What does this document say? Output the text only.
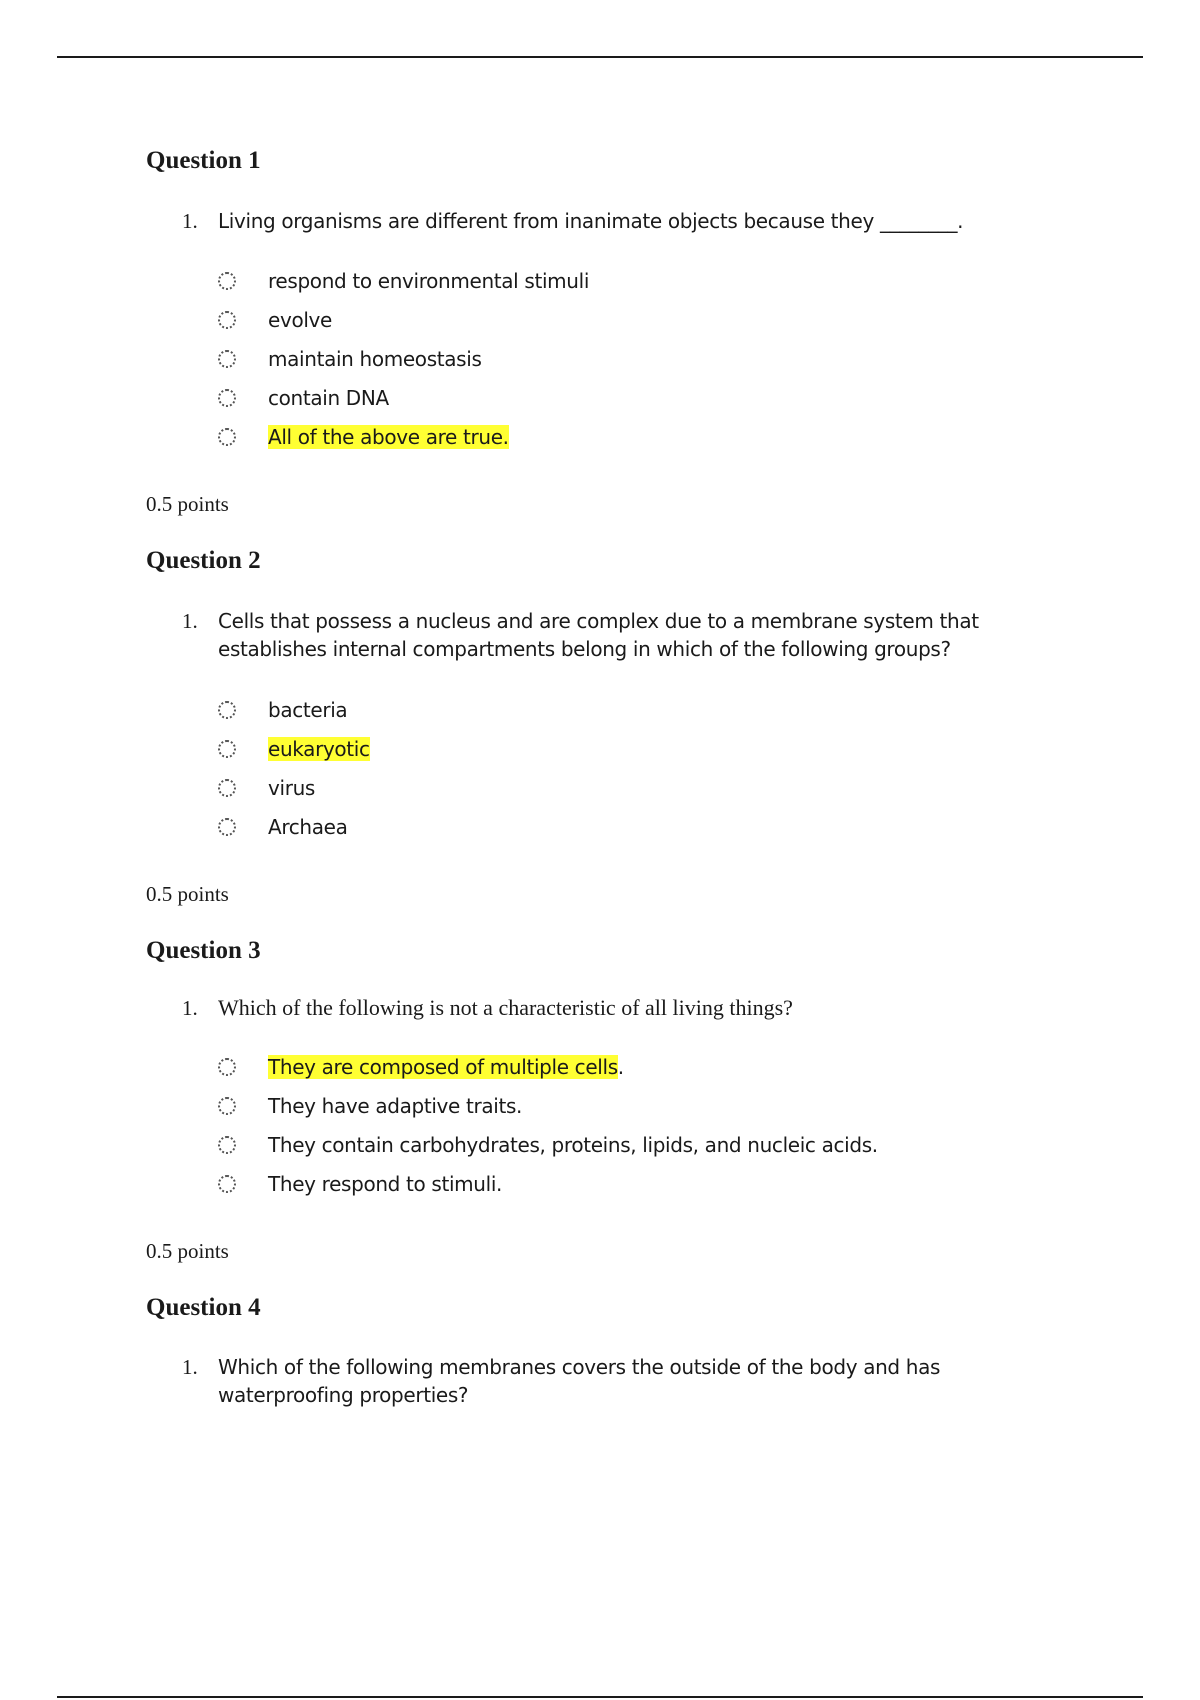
Question 1
1.	Living organisms are different from inanimate objects because they ________.
respond to environmental stimuli
evolve
maintain homeostasis
contain DNA
All of the above are true.
0.5 points
Question 2
1.	Cells that possess a nucleus and are complex due to a membrane system that establishes internal compartments belong in which of the following groups?
bacteria
eukaryotic
virus
Archaea
0.5 points
Question 3
1. Which of the following is not a characteristic of all living things?
They are composed of multiple cells.
They have adaptive traits.
They contain carbohydrates, proteins, lipids, and nucleic acids.
They respond to stimuli.
0.5 points
Question 4
1.	Which of the following membranes covers the outside of the body and has waterproofing properties?
